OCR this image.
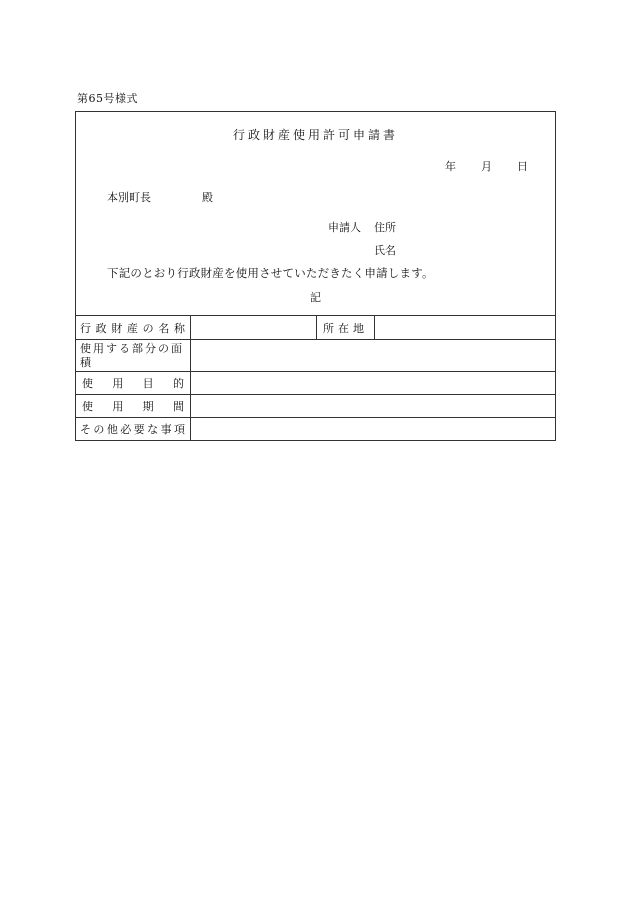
第65号様式
行政財産使用許可申請書
年	月	日
本別町長	殿
申請人 住所
氏名
下記のとおり行政財産を使用させていただきたく申請します。
記
行政財産の名称		所在地	
使用する部分の面積			

使 用 目 的			

使 用 期 間			

その他必要な事項			
